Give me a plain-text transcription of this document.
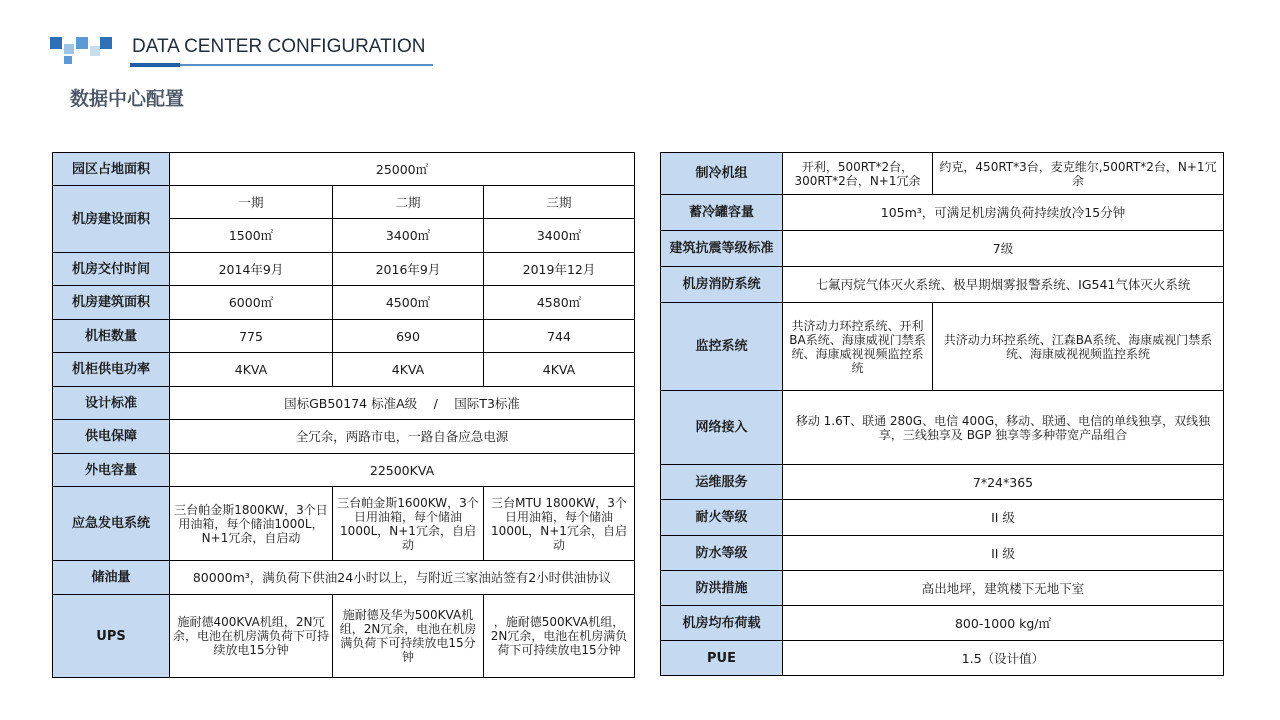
DATA CENTER CONFIGURATION
数据中心配置
园区占地面积	25000㎡		
机房建设面积	一期	二期	三期
	1500㎡	3400㎡	3400㎡
机房交付时间	2014年9月	2016年9月	2019年12月
机房建筑面积	6000㎡	4500㎡	4580㎡
机柜数量	775	690	744
机柜供电功率	4KVA	4KVA	4KVA
设计标准	国标GB50174 标准A级　 /　 国际T3标准		
供电保障	全冗余，两路市电，一路自备应急电源		
外电容量	22500KVA		
应急发电系统	三台帕金斯1800KW，3个日用油箱，每个储油1000L，N+1冗余，自启动	三台帕金斯1600KW，3个日用油箱，每个储油1000L，N+1冗余，自启动	三台MTU 1800KW，3个日用油箱，每个储油1000L，N+1冗余，自启动
储油量	80000m³，满负荷下供油24小时以上，与附近三家油站签有2小时供油协议		
UPS	施耐德400KVA机组，2N冗余，电池在机房满负荷下可持续放电15分钟	施耐德及华为500KVA机组，2N冗余，电池在机房满负荷下可持续放电15分钟	，施耐德500KVA机组，2N冗余，电池在机房满负荷下可持续放电15分钟
制冷机组	开利，500RT*2台，300RT*2台，N+1冗余	约克，450RT*3台，麦克维尔,500RT*2台，N+1冗余
蓄冷罐容量	105m³，可满足机房满负荷持续放冷15分钟	
建筑抗震等级标准	7级	
机房消防系统	七氟丙烷气体灭火系统、极早期烟雾报警系统、IG541气体灭火系统	
监控系统	共济动力环控系统、开利BA系统、海康威视门禁系统、海康威视视频监控系统	共济动力环控系统、江森BA系统、海康威视门禁系统、海康威视视频监控系统
网络接入	移动 1.6T、联通 280G、电信 400G，移动、联通、电信的单线独享，双线独享，三线独享及 BGP 独享等多种带宽产品组合	
运维服务	7*24*365	
耐火等级	II 级	
防水等级	II 级	
防洪措施	高出地坪，建筑楼下无地下室	
机房均布荷载	800-1000 kg/㎡	
PUE	1.5（设计值）	
